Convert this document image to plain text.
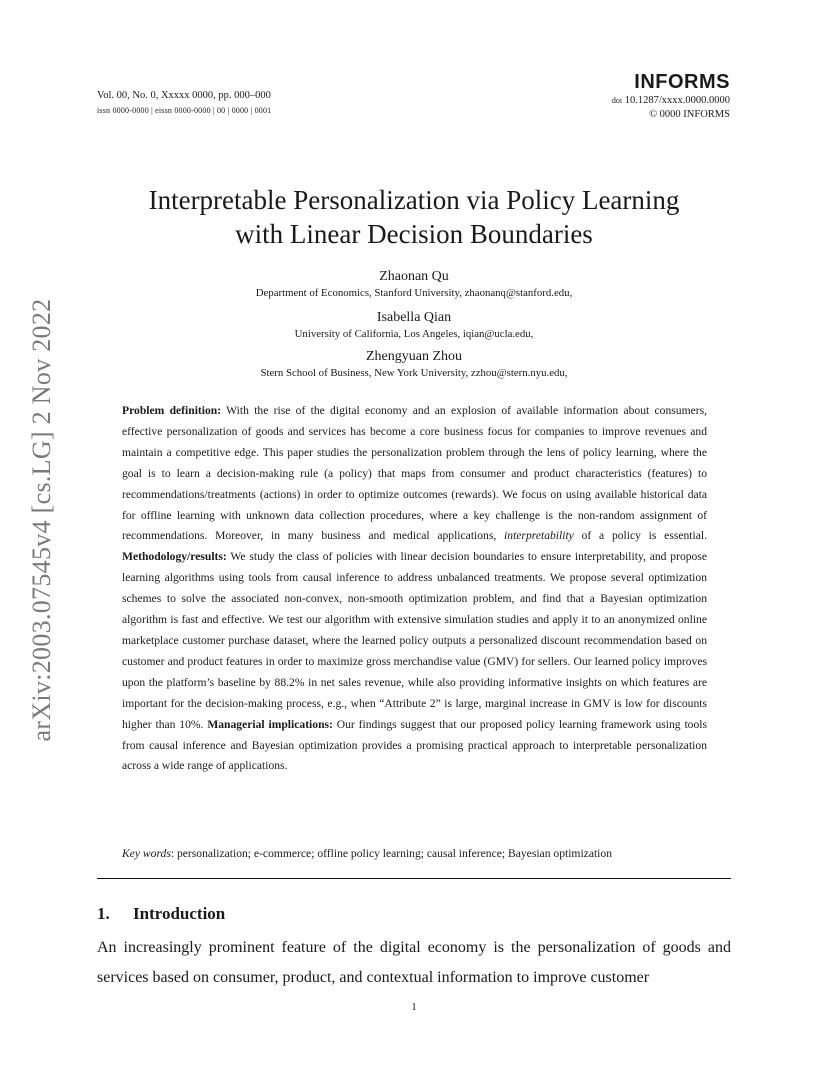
Vol. 00, No. 0, Xxxxx 0000, pp. 000–000
issn 0000-0000 | eissn 0000-0000 | 00 | 0000 | 0001
INFORMS
doi 10.1287/xxxx.0000.0000
© 0000 INFORMS
arXiv:2003.07545v4 [cs.LG] 2 Nov 2022
Interpretable Personalization via Policy Learning
with Linear Decision Boundaries
Zhaonan Qu
Department of Economics, Stanford University, zhaonanq@stanford.edu,
Isabella Qian
University of California, Los Angeles, iqian@ucla.edu,
Zhengyuan Zhou
Stern School of Business, New York University, zzhou@stern.nyu.edu,
Problem definition: With the rise of the digital economy and an explosion of available information about consumers, effective personalization of goods and services has become a core business focus for companies to improve revenues and maintain a competitive edge. This paper studies the personalization problem through the lens of policy learning, where the goal is to learn a decision-making rule (a policy) that maps from consumer and product characteristics (features) to recommendations/treatments (actions) in order to optimize outcomes (rewards). We focus on using available historical data for offline learning with unknown data collection procedures, where a key challenge is the non-random assignment of recommendations. Moreover, in many business and medical applications, interpretability of a policy is essential. Methodology/results: We study the class of policies with linear decision boundaries to ensure interpretability, and propose learning algorithms using tools from causal inference to address unbalanced treatments. We propose several optimization schemes to solve the associated non-convex, non-smooth optimization problem, and find that a Bayesian optimization algorithm is fast and effective. We test our algorithm with extensive simulation studies and apply it to an anonymized online marketplace customer purchase dataset, where the learned policy outputs a personalized discount recommendation based on customer and product features in order to maximize gross merchandise value (GMV) for sellers. Our learned policy improves upon the platform’s baseline by 88.2% in net sales revenue, while also providing informative insights on which features are important for the decision-making process, e.g., when “Attribute 2” is large, marginal increase in GMV is low for discounts higher than 10%. Managerial implications: Our findings suggest that our proposed policy learning framework using tools from causal inference and Bayesian optimization provides a promising practical approach to interpretable personalization across a wide range of applications.
Key words: personalization; e-commerce; offline policy learning; causal inference; Bayesian optimization
1. Introduction
An increasingly prominent feature of the digital economy is the personalization of goods and services based on consumer, product, and contextual information to improve customer
1
